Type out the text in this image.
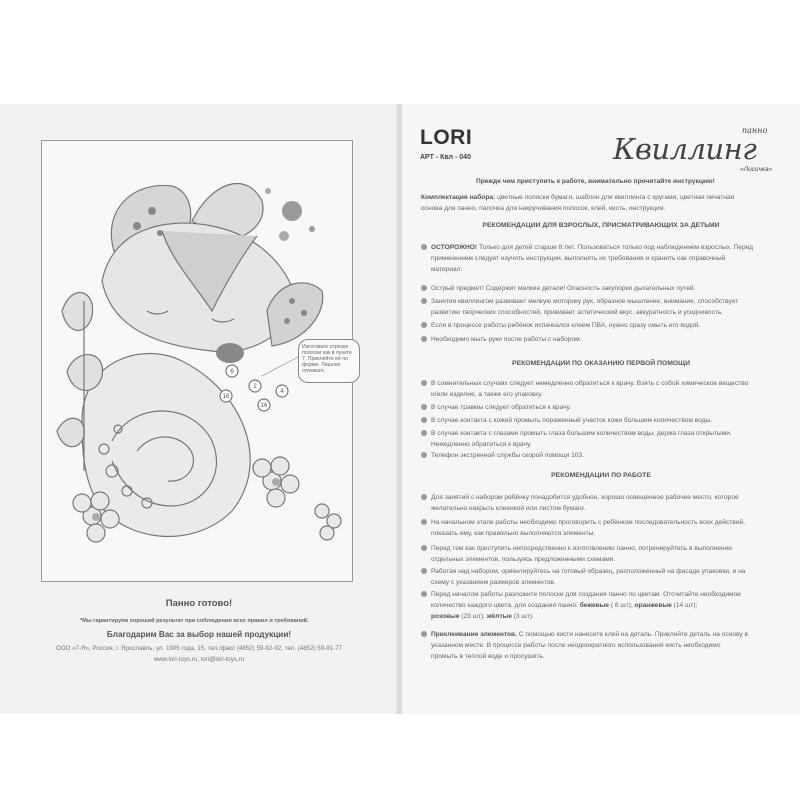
6
2
16
16
4
Изготовьте отрезок полоски как в пункте 7. Приклейте её по форме. Лишнее отрежьте.
Панно готово!
*Мы гарантируем хороший результат при соблюдении всех правил и требований.
Благодарим Вас за выбор нашей продукции!
ООО «7-Я», Россия, г. Ярославль, ул. 1905 года, 15, тел./факс (4852) 59-92-92, тел. (4852) 59-91-77
www.lori-toys.ru, lori@lori-toys.ru
LORI
АРТ - Квл - 040
панно
Квиллинг
«Лисичка»
Прежде чем приступить к работе, внимательно прочитайте инструкцию!
Комплектация набора: цветные полоски бумаги, шаблон для квиллинга с кругами, цветная печатная
основа для панно, палочка для накручивания полосок, клей, кисть, инструкция.
РЕКОМЕНДАЦИИ ДЛЯ ВЗРОСЛЫХ, ПРИСМАТРИВАЮЩИХ ЗА ДЕТЬМИ
ОСТОРОЖНО! Только для детей старше 8 лет. Пользоваться только под наблюдением взрослых. Перед
применением следует изучить инструкции, выполнять их требования и хранить как справочный
материал.
Острый предмет! Содержит мелкие детали! Опасность закупорки дыхательных путей.
Занятия квиллингом развивает мелкую моторику рук, образное мышление, внимание, способствует
развитию творческих способностей, прививает эстетический вкус, аккуратность и усидчивость.
Если в процессе работы ребёнок испачкался клеем ПВА, нужно сразу смыть его водой.
Необходимо мыть руки после работы с набором.
РЕКОМЕНДАЦИИ ПО ОКАЗАНИЮ ПЕРВОЙ ПОМОЩИ
В сомнительных случаях следует немедленно обратиться к врачу. Взять с собой химическое вещество
и/или изделие, а также его упаковку.
В случае травмы следует обратиться к врачу.
В случае контакта с кожей промыть пораженный участок кожи большим количеством воды.
В случае контакта с глазами промыть глаза большим количеством воды, держа глаза открытыми.
Немедленно обратиться к врачу.
Телефон экстренной службы скорой помощи 103.
РЕКОМЕНДАЦИИ ПО РАБОТЕ
Для занятий с набором ребёнку понадобится удобное, хорошо освещенное рабочее место, которое
желательно накрыть клеенкой или листом бумаги.
На начальном этапе работы необходимо проговорить с ребёнком последовательность всех действий,
показать ему, как правильно выполняются элементы.
Перед тем как приступить непосредственно к изготовлению панно, потренируйтесь в выполнении
отдельных элементов, пользуясь предложенными схемами.
Работая над набором, ориентируйтесь на готовый образец, расположенный на фасаде упаковки, и на
схему с указанием размеров элементов.
Перед началом работы разложите полоски для создания панно по цветам. Отсчитайте необходимое
количество каждого цвета, для создания панно: бежевые ( 8 шт); оранжевые (14 шт);
розовые (23 шт); жёлтые (3 шт).
Приклеивание элементов. С помощью кисти нанесите клей на деталь. Приклейте деталь на основу в
указанном месте. В процессе работы после неоднократного использования кисть необходимо
промыть в теплой воде и просушить.
